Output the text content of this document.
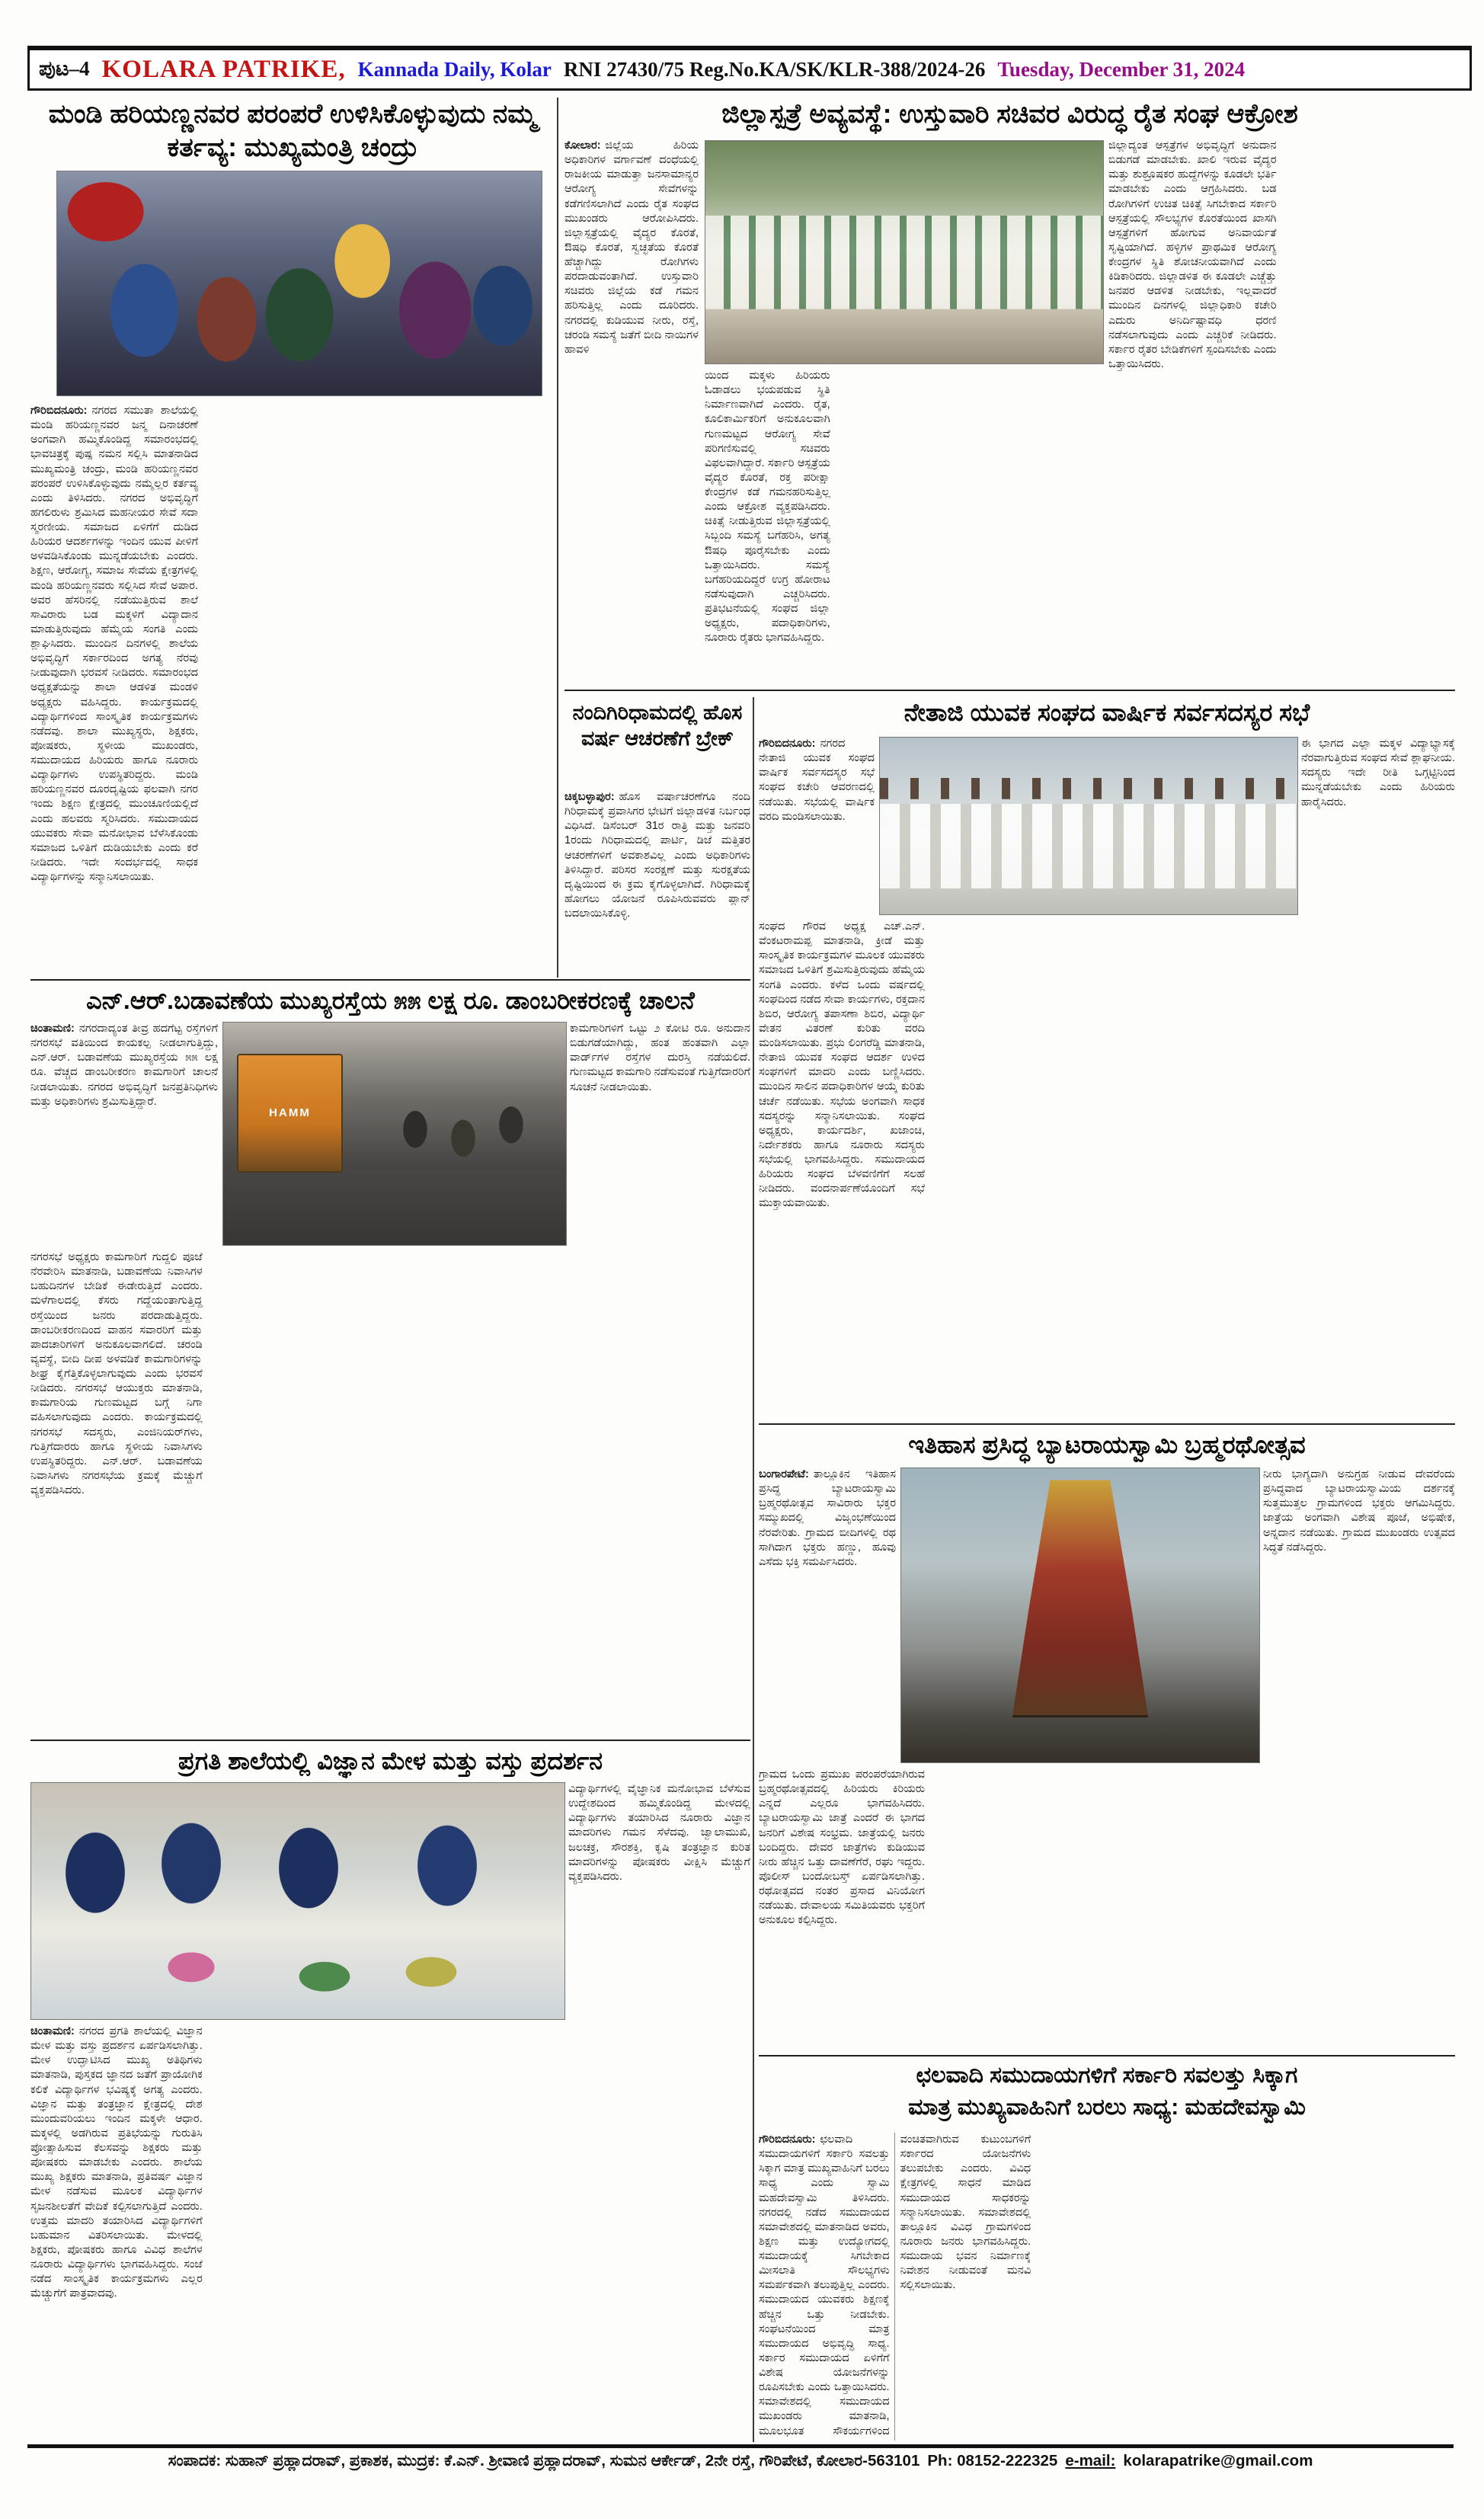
ಪುಟ–4 KOLARA PATRIKE, Kannada Daily, Kolar RNI 27430/75 Reg.No.KA/SK/KLR-388/2024-26 Tuesday, December 31, 2024
ಮಂಡಿ ಹರಿಯಣ್ಣನವರ ಪರಂಪರೆ ಉಳಿಸಿಕೊಳ್ಳುವುದು ನಮ್ಮ ಕರ್ತವ್ಯ: ಮುಖ್ಯಮಂತ್ರಿ ಚಂದ್ರು
ಗೌರಿಬಿದನೂರು: ನಗರದ ಸಮುತಾ ಶಾಲೆಯಲ್ಲಿ ಮಂಡಿ ಹರಿಯಣ್ಣನವರ ಜನ್ಮ ದಿನಾಚರಣೆ ಅಂಗವಾಗಿ ಹಮ್ಮಿಕೊಂಡಿದ್ದ ಸಮಾರಂಭದಲ್ಲಿ ಭಾವಚಿತ್ರಕ್ಕೆ ಪುಷ್ಪ ನಮನ ಸಲ್ಲಿಸಿ ಮಾತನಾಡಿದ ಮುಖ್ಯಮಂತ್ರಿ ಚಂದ್ರು, ಮಂಡಿ ಹರಿಯಣ್ಣನವರ ಪರಂಪರೆ ಉಳಿಸಿಕೊಳ್ಳುವುದು ನಮ್ಮೆಲ್ಲರ ಕರ್ತವ್ಯ ಎಂದು ತಿಳಿಸಿದರು. ನಗರದ ಅಭಿವೃದ್ಧಿಗೆ ಹಗಲಿರುಳು ಶ್ರಮಿಸಿದ ಮಹನೀಯರ ಸೇವೆ ಸದಾ ಸ್ಮರಣೀಯ. ಸಮಾಜದ ಏಳಿಗೆಗೆ ದುಡಿದ ಹಿರಿಯರ ಆದರ್ಶಗಳನ್ನು ಇಂದಿನ ಯುವ ಪೀಳಿಗೆ ಅಳವಡಿಸಿಕೊಂಡು ಮುನ್ನಡೆಯಬೇಕು ಎಂದರು. ಶಿಕ್ಷಣ, ಆರೋಗ್ಯ, ಸಮಾಜ ಸೇವೆಯ ಕ್ಷೇತ್ರಗಳಲ್ಲಿ ಮಂಡಿ ಹರಿಯಣ್ಣನವರು ಸಲ್ಲಿಸಿದ ಸೇವೆ ಅಪಾರ. ಅವರ ಹೆಸರಿನಲ್ಲಿ ನಡೆಯುತ್ತಿರುವ ಶಾಲೆ ಸಾವಿರಾರು ಬಡ ಮಕ್ಕಳಿಗೆ ವಿದ್ಯಾದಾನ ಮಾಡುತ್ತಿರುವುದು ಹೆಮ್ಮೆಯ ಸಂಗತಿ ಎಂದು ಶ್ಲಾಘಿಸಿದರು. ಮುಂದಿನ ದಿನಗಳಲ್ಲಿ ಶಾಲೆಯ ಅಭಿವೃದ್ಧಿಗೆ ಸರ್ಕಾರದಿಂದ ಅಗತ್ಯ ನೆರವು ನೀಡುವುದಾಗಿ ಭರವಸೆ ನೀಡಿದರು. ಸಮಾರಂಭದ ಅಧ್ಯಕ್ಷತೆಯನ್ನು ಶಾಲಾ ಆಡಳಿತ ಮಂಡಳಿ ಅಧ್ಯಕ್ಷರು ವಹಿಸಿದ್ದರು. ಕಾರ್ಯಕ್ರಮದಲ್ಲಿ ವಿದ್ಯಾರ್ಥಿಗಳಿಂದ ಸಾಂಸ್ಕೃತಿಕ ಕಾರ್ಯಕ್ರಮಗಳು ನಡೆದವು. ಶಾಲಾ ಮುಖ್ಯಸ್ಥರು, ಶಿಕ್ಷಕರು, ಪೋಷಕರು, ಸ್ಥಳೀಯ ಮುಖಂಡರು, ಸಮುದಾಯದ ಹಿರಿಯರು ಹಾಗೂ ನೂರಾರು ವಿದ್ಯಾರ್ಥಿಗಳು ಉಪಸ್ಥಿತರಿದ್ದರು. ಮಂಡಿ ಹರಿಯಣ್ಣನವರ ದೂರದೃಷ್ಟಿಯ ಫಲವಾಗಿ ನಗರ ಇಂದು ಶಿಕ್ಷಣ ಕ್ಷೇತ್ರದಲ್ಲಿ ಮುಂಚೂಣಿಯಲ್ಲಿದೆ ಎಂದು ಹಲವರು ಸ್ಮರಿಸಿದರು. ಸಮುದಾಯದ ಯುವಕರು ಸೇವಾ ಮನೋಭಾವ ಬೆಳೆಸಿಕೊಂಡು ಸಮಾಜದ ಒಳಿತಿಗೆ ದುಡಿಯಬೇಕು ಎಂದು ಕರೆ ನೀಡಿದರು. ಇದೇ ಸಂದರ್ಭದಲ್ಲಿ ಸಾಧಕ ವಿದ್ಯಾರ್ಥಿಗಳನ್ನು ಸನ್ಮಾನಿಸಲಾಯಿತು.
ಜಿಲ್ಲಾಸ್ಪತ್ರೆ ಅವ್ಯವಸ್ಥೆ: ಉಸ್ತುವಾರಿ ಸಚಿವರ ವಿರುದ್ಧ ರೈತ ಸಂಘ ಆಕ್ರೋಶ
ಕೋಲಾರ: ಜಿಲ್ಲೆಯ ಹಿರಿಯ ಅಧಿಕಾರಿಗಳ ವರ್ಗಾವಣೆ ದಂಧೆಯಲ್ಲಿ ರಾಜಕೀಯ ಮಾಡುತ್ತಾ ಜನಸಾಮಾನ್ಯರ ಆರೋಗ್ಯ ಸೇವೆಗಳನ್ನು ಕಡೆಗಣಿಸಲಾಗಿದೆ ಎಂದು ರೈತ ಸಂಘದ ಮುಖಂಡರು ಆರೋಪಿಸಿದರು. ಜಿಲ್ಲಾಸ್ಪತ್ರೆಯಲ್ಲಿ ವೈದ್ಯರ ಕೊರತೆ, ಔಷಧಿ ಕೊರತೆ, ಸ್ವಚ್ಛತೆಯ ಕೊರತೆ ಹೆಚ್ಚಾಗಿದ್ದು ರೋಗಿಗಳು ಪರದಾಡುವಂತಾಗಿದೆ. ಉಸ್ತುವಾರಿ ಸಚಿವರು ಜಿಲ್ಲೆಯ ಕಡೆ ಗಮನ ಹರಿಸುತ್ತಿಲ್ಲ ಎಂದು ದೂರಿದರು. ನಗರದಲ್ಲಿ ಕುಡಿಯುವ ನೀರು, ರಸ್ತೆ, ಚರಂಡಿ ಸಮಸ್ಯೆ ಜತೆಗೆ ಬೀದಿ ನಾಯಿಗಳ ಹಾವಳಿ
ಯಿಂದ ಮಕ್ಕಳು ಹಿರಿಯರು ಓಡಾಡಲು ಭಯಪಡುವ ಸ್ಥಿತಿ ನಿರ್ಮಾಣವಾಗಿದೆ ಎಂದರು. ರೈತ, ಕೂಲಿಕಾರ್ಮಿಕರಿಗೆ ಅನುಕೂಲವಾಗಿ ಗುಣಮಟ್ಟದ ಆರೋಗ್ಯ ಸೇವೆ ಪರಿಗಣಿಸುವಲ್ಲಿ ಸಚಿವರು ವಿಫಲವಾಗಿದ್ದಾರೆ. ಸರ್ಕಾರಿ ಆಸ್ಪತ್ರೆಯ ವೈದ್ಯರ ಕೊರತೆ, ರಕ್ತ ಪರೀಕ್ಷಾ ಕೇಂದ್ರಗಳ ಕಡೆ ಗಮನಹರಿಸುತ್ತಿಲ್ಲ ಎಂದು ಆಕ್ರೋಶ ವ್ಯಕ್ತಪಡಿಸಿದರು. ಚಿಕಿತ್ಸೆ ನೀಡುತ್ತಿರುವ ಜಿಲ್ಲಾಸ್ಪತ್ರೆಯಲ್ಲಿ ಸಿಬ್ಬಂದಿ ಸಮಸ್ಯೆ ಬಗೆಹರಿಸಿ, ಅಗತ್ಯ ಔಷಧಿ ಪೂರೈಸಬೇಕು ಎಂದು ಒತ್ತಾಯಿಸಿದರು. ಸಮಸ್ಯೆ ಬಗೆಹರಿಯದಿದ್ದರೆ ಉಗ್ರ ಹೋರಾಟ ನಡೆಸುವುದಾಗಿ ಎಚ್ಚರಿಸಿದರು. ಪ್ರತಿಭಟನೆಯಲ್ಲಿ ಸಂಘದ ಜಿಲ್ಲಾ ಅಧ್ಯಕ್ಷರು, ಪದಾಧಿಕಾರಿಗಳು, ನೂರಾರು ರೈತರು ಭಾಗವಹಿಸಿದ್ದರು.
ಜಿಲ್ಲಾದ್ಯಂತ ಆಸ್ಪತ್ರೆಗಳ ಅಭಿವೃದ್ಧಿಗೆ ಅನುದಾನ ಬಿಡುಗಡೆ ಮಾಡಬೇಕು. ಖಾಲಿ ಇರುವ ವೈದ್ಯರ ಮತ್ತು ಶುಶ್ರೂಷಕರ ಹುದ್ದೆಗಳನ್ನು ಕೂಡಲೇ ಭರ್ತಿ ಮಾಡಬೇಕು ಎಂದು ಆಗ್ರಹಿಸಿದರು. ಬಡ ರೋಗಿಗಳಿಗೆ ಉಚಿತ ಚಿಕಿತ್ಸೆ ಸಿಗಬೇಕಾದ ಸರ್ಕಾರಿ ಆಸ್ಪತ್ರೆಯಲ್ಲಿ ಸೌಲಭ್ಯಗಳ ಕೊರತೆಯಿಂದ ಖಾಸಗಿ ಆಸ್ಪತ್ರೆಗಳಿಗೆ ಹೋಗುವ ಅನಿವಾರ್ಯತೆ ಸೃಷ್ಟಿಯಾಗಿದೆ. ಹಳ್ಳಿಗಳ ಪ್ರಾಥಮಿಕ ಆರೋಗ್ಯ ಕೇಂದ್ರಗಳ ಸ್ಥಿತಿ ಶೋಚನೀಯವಾಗಿದೆ ಎಂದು ಕಿಡಿಕಾರಿದರು. ಜಿಲ್ಲಾಡಳಿತ ಈ ಕೂಡಲೇ ಎಚ್ಚೆತ್ತು ಜನಪರ ಆಡಳಿತ ನೀಡಬೇಕು, ಇಲ್ಲವಾದರೆ ಮುಂದಿನ ದಿನಗಳಲ್ಲಿ ಜಿಲ್ಲಾಧಿಕಾರಿ ಕಚೇರಿ ಎದುರು ಅನಿರ್ದಿಷ್ಟಾವಧಿ ಧರಣಿ ನಡೆಸಲಾಗುವುದು ಎಂದು ಎಚ್ಚರಿಕೆ ನೀಡಿದರು. ಸರ್ಕಾರ ರೈತರ ಬೇಡಿಕೆಗಳಿಗೆ ಸ್ಪಂದಿಸಬೇಕು ಎಂದು ಒತ್ತಾಯಿಸಿದರು.
ನಂದಿಗಿರಿಧಾಮದಲ್ಲಿ ಹೊಸ ವರ್ಷ ಆಚರಣೆಗೆ ಬ್ರೇಕ್
ಚಿಕ್ಕಬಳ್ಳಾಪುರ: ಹೊಸ ವರ್ಷಾಚರಣೆಗೂ ನಂದಿ ಗಿರಿಧಾಮಕ್ಕೆ ಪ್ರವಾಸಿಗರ ಭೇಟಿಗೆ ಜಿಲ್ಲಾಡಳಿತ ನಿರ್ಬಂಧ ವಿಧಿಸಿದೆ. ಡಿಸೆಂಬರ್ 31ರ ರಾತ್ರಿ ಮತ್ತು ಜನವರಿ 1ರಂದು ಗಿರಿಧಾಮದಲ್ಲಿ ಪಾರ್ಟಿ, ಡಿಜೆ ಮತ್ತಿತರ ಆಚರಣೆಗಳಿಗೆ ಅವಕಾಶವಿಲ್ಲ ಎಂದು ಅಧಿಕಾರಿಗಳು ತಿಳಿಸಿದ್ದಾರೆ. ಪರಿಸರ ಸಂರಕ್ಷಣೆ ಮತ್ತು ಸುರಕ್ಷತೆಯ ದೃಷ್ಟಿಯಿಂದ ಈ ಕ್ರಮ ಕೈಗೊಳ್ಳಲಾಗಿದೆ. ಗಿರಿಧಾಮಕ್ಕೆ ಹೋಗಲು ಯೋಜನೆ ರೂಪಿಸಿರುವವರು ಪ್ಲಾನ್ ಬದಲಾಯಿಸಿಕೊಳ್ಳಿ.
ನೇತಾಜಿ ಯುವಕ ಸಂಘದ ವಾರ್ಷಿಕ ಸರ್ವಸದಸ್ಯರ ಸಭೆ
ಗೌರಿಬಿದನೂರು: ನಗರದ ನೇತಾಜಿ ಯುವಕ ಸಂಘದ ವಾರ್ಷಿಕ ಸರ್ವಸದಸ್ಯರ ಸಭೆ ಸಂಘದ ಕಚೇರಿ ಆವರಣದಲ್ಲಿ ನಡೆಯಿತು. ಸಭೆಯಲ್ಲಿ ವಾರ್ಷಿಕ ವರದಿ ಮಂಡಿಸಲಾಯಿತು.
ಈ ಭಾಗದ ಎಲ್ಲಾ ಮಕ್ಕಳ ವಿದ್ಯಾಭ್ಯಾಸಕ್ಕೆ ನೆರವಾಗುತ್ತಿರುವ ಸಂಘದ ಸೇವೆ ಶ್ಲಾಘನೀಯ. ಸದಸ್ಯರು ಇದೇ ರೀತಿ ಒಗ್ಗಟ್ಟಿನಿಂದ ಮುನ್ನಡೆಯಬೇಕು ಎಂದು ಹಿರಿಯರು ಹಾರೈಸಿದರು.
ಸಂಘದ ಗೌರವ ಅಧ್ಯಕ್ಷ ಎಚ್.ಎನ್. ವೆಂಕಟರಾಮಪ್ಪ ಮಾತನಾಡಿ, ಕ್ರೀಡೆ ಮತ್ತು ಸಾಂಸ್ಕೃತಿಕ ಕಾರ್ಯಕ್ರಮಗಳ ಮೂಲಕ ಯುವಕರು ಸಮಾಜದ ಒಳಿತಿಗೆ ಶ್ರಮಿಸುತ್ತಿರುವುದು ಹೆಮ್ಮೆಯ ಸಂಗತಿ ಎಂದರು. ಕಳೆದ ಒಂದು ವರ್ಷದಲ್ಲಿ ಸಂಘದಿಂದ ನಡೆದ ಸೇವಾ ಕಾರ್ಯಗಳು, ರಕ್ತದಾನ ಶಿಬಿರ, ಆರೋಗ್ಯ ತಪಾಸಣಾ ಶಿಬಿರ, ವಿದ್ಯಾರ್ಥಿ ವೇತನ ವಿತರಣೆ ಕುರಿತು ವರದಿ ಮಂಡಿಸಲಾಯಿತು. ಪ್ರಭು ಲಿಂಗರೆಡ್ಡಿ ಮಾತನಾಡಿ, ನೇತಾಜಿ ಯುವಕ ಸಂಘದ ಆದರ್ಶ ಉಳಿದ ಸಂಘಗಳಿಗೆ ಮಾದರಿ ಎಂದು ಬಣ್ಣಿಸಿದರು. ಮುಂದಿನ ಸಾಲಿನ ಪದಾಧಿಕಾರಿಗಳ ಆಯ್ಕೆ ಕುರಿತು ಚರ್ಚೆ ನಡೆಯಿತು. ಸಭೆಯ ಅಂಗವಾಗಿ ಸಾಧಕ ಸದಸ್ಯರನ್ನು ಸನ್ಮಾನಿಸಲಾಯಿತು. ಸಂಘದ ಅಧ್ಯಕ್ಷರು, ಕಾರ್ಯದರ್ಶಿ, ಖಜಾಂಚಿ, ನಿರ್ದೇಶಕರು ಹಾಗೂ ನೂರಾರು ಸದಸ್ಯರು ಸಭೆಯಲ್ಲಿ ಭಾಗವಹಿಸಿದ್ದರು. ಸಮುದಾಯದ ಹಿರಿಯರು ಸಂಘದ ಬೆಳವಣಿಗೆಗೆ ಸಲಹೆ ನೀಡಿದರು. ವಂದನಾರ್ಪಣೆಯೊಂದಿಗೆ ಸಭೆ ಮುಕ್ತಾಯವಾಯಿತು.
ಎನ್.ಆರ್.ಬಡಾವಣೆಯ ಮುಖ್ಯರಸ್ತೆಯ ೫೫ ಲಕ್ಷ ರೂ. ಡಾಂಬರೀಕರಣಕ್ಕೆ ಚಾಲನೆ
ಚಿಂತಾಮಣಿ: ನಗರದಾದ್ಯಂತ ತೀವ್ರ ಹದಗೆಟ್ಟ ರಸ್ತೆಗಳಿಗೆ ನಗರಸಭೆ ವತಿಯಿಂದ ಕಾಯಕಲ್ಪ ನೀಡಲಾಗುತ್ತಿದ್ದು, ಎನ್.ಆರ್. ಬಡಾವಣೆಯ ಮುಖ್ಯರಸ್ತೆಯ ೫೫ ಲಕ್ಷ ರೂ. ವೆಚ್ಚದ ಡಾಂಬರೀಕರಣ ಕಾಮಗಾರಿಗೆ ಚಾಲನೆ ನೀಡಲಾಯಿತು. ನಗರದ ಅಭಿವೃದ್ಧಿಗೆ ಜನಪ್ರತಿನಿಧಿಗಳು ಮತ್ತು ಅಧಿಕಾರಿಗಳು ಶ್ರಮಿಸುತ್ತಿದ್ದಾರೆ.
HAMM
ಕಾಮಗಾರಿಗಳಿಗೆ ಒಟ್ಟು ೨ ಕೋಟಿ ರೂ. ಅನುದಾನ ಬಿಡುಗಡೆಯಾಗಿದ್ದು, ಹಂತ ಹಂತವಾಗಿ ಎಲ್ಲಾ ವಾರ್ಡ್‌ಗಳ ರಸ್ತೆಗಳ ದುರಸ್ತಿ ನಡೆಯಲಿದೆ. ಗುಣಮಟ್ಟದ ಕಾಮಗಾರಿ ನಡೆಸುವಂತೆ ಗುತ್ತಿಗೆದಾರರಿಗೆ ಸೂಚನೆ ನೀಡಲಾಯಿತು.
ನಗರಸಭೆ ಅಧ್ಯಕ್ಷರು ಕಾಮಗಾರಿಗೆ ಗುದ್ದಲಿ ಪೂಜೆ ನೆರವೇರಿಸಿ ಮಾತನಾಡಿ, ಬಡಾವಣೆಯ ನಿವಾಸಿಗಳ ಬಹುದಿನಗಳ ಬೇಡಿಕೆ ಈಡೇರುತ್ತಿದೆ ಎಂದರು. ಮಳೆಗಾಲದಲ್ಲಿ ಕೆಸರು ಗದ್ದೆಯಂತಾಗುತ್ತಿದ್ದ ರಸ್ತೆಯಿಂದ ಜನರು ಪರದಾಡುತ್ತಿದ್ದರು. ಡಾಂಬರೀಕರಣದಿಂದ ವಾಹನ ಸವಾರರಿಗೆ ಮತ್ತು ಪಾದಚಾರಿಗಳಿಗೆ ಅನುಕೂಲವಾಗಲಿದೆ. ಚರಂಡಿ ವ್ಯವಸ್ಥೆ, ಬೀದಿ ದೀಪ ಅಳವಡಿಕೆ ಕಾಮಗಾರಿಗಳನ್ನು ಶೀಘ್ರ ಕೈಗೆತ್ತಿಕೊಳ್ಳಲಾಗುವುದು ಎಂದು ಭರವಸೆ ನೀಡಿದರು. ನಗರಸಭೆ ಆಯುಕ್ತರು ಮಾತನಾಡಿ, ಕಾಮಗಾರಿಯ ಗುಣಮಟ್ಟದ ಬಗ್ಗೆ ನಿಗಾ ವಹಿಸಲಾಗುವುದು ಎಂದರು. ಕಾರ್ಯಕ್ರಮದಲ್ಲಿ ನಗರಸಭೆ ಸದಸ್ಯರು, ಎಂಜಿನಿಯರ್‌ಗಳು, ಗುತ್ತಿಗೆದಾರರು ಹಾಗೂ ಸ್ಥಳೀಯ ನಿವಾಸಿಗಳು ಉಪಸ್ಥಿತರಿದ್ದರು. ಎನ್.ಆರ್. ಬಡಾವಣೆಯ ನಿವಾಸಿಗಳು ನಗರಸಭೆಯ ಕ್ರಮಕ್ಕೆ ಮೆಚ್ಚುಗೆ ವ್ಯಕ್ತಪಡಿಸಿದರು.
ಇತಿಹಾಸ ಪ್ರಸಿದ್ಧ ಬ್ಯಾಟರಾಯಸ್ವಾಮಿ ಬ್ರಹ್ಮರಥೋತ್ಸವ
ಬಂಗಾರಪೇಟೆ: ತಾಲ್ಲೂಕಿನ ಇತಿಹಾಸ ಪ್ರಸಿದ್ಧ ಬ್ಯಾಟರಾಯಸ್ವಾಮಿ ಬ್ರಹ್ಮರಥೋತ್ಸವ ಸಾವಿರಾರು ಭಕ್ತರ ಸಮ್ಮುಖದಲ್ಲಿ ವಿಜೃಂಭಣೆಯಿಂದ ನೆರವೇರಿತು. ಗ್ರಾಮದ ಬೀದಿಗಳಲ್ಲಿ ರಥ ಸಾಗಿದಾಗ ಭಕ್ತರು ಹಣ್ಣು, ಹೂವು ಎಸೆದು ಭಕ್ತಿ ಸಮರ್ಪಿಸಿದರು.
ನೀರು ಭಾಗ್ಯದಾಗಿ ಅನುಗ್ರಹ ನೀಡುವ ದೇವರೆಂದು ಪ್ರಸಿದ್ಧವಾದ ಬ್ಯಾಟರಾಯಸ್ವಾಮಿಯ ದರ್ಶನಕ್ಕೆ ಸುತ್ತಮುತ್ತಲ ಗ್ರಾಮಗಳಿಂದ ಭಕ್ತರು ಆಗಮಿಸಿದ್ದರು. ಜಾತ್ರೆಯ ಅಂಗವಾಗಿ ವಿಶೇಷ ಪೂಜೆ, ಅಭಿಷೇಕ, ಅನ್ನದಾನ ನಡೆಯಿತು. ಗ್ರಾಮದ ಮುಖಂಡರು ಉತ್ಸವದ ಸಿದ್ಧತೆ ನಡೆಸಿದ್ದರು.
ಗ್ರಾಮದ ಒಂದು ಪ್ರಮುಖ ಪರಂಪರೆಯಾಗಿರುವ ಬ್ರಹ್ಮರಥೋತ್ಸವದಲ್ಲಿ ಹಿರಿಯರು ಕಿರಿಯರು ಎನ್ನದೆ ಎಲ್ಲರೂ ಭಾಗವಹಿಸಿದರು. ಬ್ಯಾಟರಾಯಸ್ವಾಮಿ ಜಾತ್ರೆ ಎಂದರೆ ಈ ಭಾಗದ ಜನರಿಗೆ ವಿಶೇಷ ಸಂಭ್ರಮ. ಜಾತ್ರೆಯಲ್ಲಿ ಜನರು ಬಂದಿದ್ದರು. ದೇವರ ಜಾತ್ರೆಗಳು ಕುಡಿಯುವ ನೀರು ಹೆಚ್ಚಿನ ಒತ್ತು ದಾವಣೆಗೆರೆ, ರಘು ಇದ್ದರು. ಪೊಲೀಸ್ ಬಂದೋಬಸ್ತ್ ಏರ್ಪಡಿಸಲಾಗಿತ್ತು. ರಥೋತ್ಸವದ ನಂತರ ಪ್ರಸಾದ ವಿನಿಯೋಗ ನಡೆಯಿತು. ದೇವಾಲಯ ಸಮಿತಿಯವರು ಭಕ್ತರಿಗೆ ಅನುಕೂಲ ಕಲ್ಪಿಸಿದ್ದರು.
ಪ್ರಗತಿ ಶಾಲೆಯಲ್ಲಿ ವಿಜ್ಞಾನ ಮೇಳ ಮತ್ತು ವಸ್ತು ಪ್ರದರ್ಶನ
ವಿದ್ಯಾರ್ಥಿಗಳಲ್ಲಿ ವೈಜ್ಞಾನಿಕ ಮನೋಭಾವ ಬೆಳೆಸುವ ಉದ್ದೇಶದಿಂದ ಹಮ್ಮಿಕೊಂಡಿದ್ದ ಮೇಳದಲ್ಲಿ ವಿದ್ಯಾರ್ಥಿಗಳು ತಯಾರಿಸಿದ ನೂರಾರು ವಿಜ್ಞಾನ ಮಾದರಿಗಳು ಗಮನ ಸೆಳೆದವು. ಜ್ವಾಲಾಮುಖಿ, ಜಲಚಕ್ರ, ಸೌರಶಕ್ತಿ, ಕೃಷಿ ತಂತ್ರಜ್ಞಾನ ಕುರಿತ ಮಾದರಿಗಳನ್ನು ಪೋಷಕರು ವೀಕ್ಷಿಸಿ ಮೆಚ್ಚುಗೆ ವ್ಯಕ್ತಪಡಿಸಿದರು.
ಚಿಂತಾಮಣಿ: ನಗರದ ಪ್ರಗತಿ ಶಾಲೆಯಲ್ಲಿ ವಿಜ್ಞಾನ ಮೇಳ ಮತ್ತು ವಸ್ತು ಪ್ರದರ್ಶನ ಏರ್ಪಡಿಸಲಾಗಿತ್ತು. ಮೇಳ ಉದ್ಘಾಟಿಸಿದ ಮುಖ್ಯ ಅತಿಥಿಗಳು ಮಾತನಾಡಿ, ಪುಸ್ತಕದ ಜ್ಞಾನದ ಜತೆಗೆ ಪ್ರಾಯೋಗಿಕ ಕಲಿಕೆ ವಿದ್ಯಾರ್ಥಿಗಳ ಭವಿಷ್ಯಕ್ಕೆ ಅಗತ್ಯ ಎಂದರು. ವಿಜ್ಞಾನ ಮತ್ತು ತಂತ್ರಜ್ಞಾನ ಕ್ಷೇತ್ರದಲ್ಲಿ ದೇಶ ಮುಂದುವರಿಯಲು ಇಂದಿನ ಮಕ್ಕಳೇ ಆಧಾರ. ಮಕ್ಕಳಲ್ಲಿ ಅಡಗಿರುವ ಪ್ರತಿಭೆಯನ್ನು ಗುರುತಿಸಿ ಪ್ರೋತ್ಸಾಹಿಸುವ ಕೆಲಸವನ್ನು ಶಿಕ್ಷಕರು ಮತ್ತು ಪೋಷಕರು ಮಾಡಬೇಕು ಎಂದರು. ಶಾಲೆಯ ಮುಖ್ಯ ಶಿಕ್ಷಕರು ಮಾತನಾಡಿ, ಪ್ರತಿವರ್ಷ ವಿಜ್ಞಾನ ಮೇಳ ನಡೆಸುವ ಮೂಲಕ ವಿದ್ಯಾರ್ಥಿಗಳ ಸೃಜನಶೀಲತೆಗೆ ವೇದಿಕೆ ಕಲ್ಪಿಸಲಾಗುತ್ತಿದೆ ಎಂದರು. ಉತ್ತಮ ಮಾದರಿ ತಯಾರಿಸಿದ ವಿದ್ಯಾರ್ಥಿಗಳಿಗೆ ಬಹುಮಾನ ವಿತರಿಸಲಾಯಿತು. ಮೇಳದಲ್ಲಿ ಶಿಕ್ಷಕರು, ಪೋಷಕರು ಹಾಗೂ ವಿವಿಧ ಶಾಲೆಗಳ ನೂರಾರು ವಿದ್ಯಾರ್ಥಿಗಳು ಭಾಗವಹಿಸಿದ್ದರು. ಸಂಜೆ ನಡೆದ ಸಾಂಸ್ಕೃತಿಕ ಕಾರ್ಯಕ್ರಮಗಳು ಎಲ್ಲರ ಮೆಚ್ಚುಗೆಗೆ ಪಾತ್ರವಾದವು.
ಛಲವಾದಿ ಸಮುದಾಯಗಳಿಗೆ ಸರ್ಕಾರಿ ಸವಲತ್ತು ಸಿಕ್ಕಾಗ
ಮಾತ್ರ ಮುಖ್ಯವಾಹಿನಿಗೆ ಬರಲು ಸಾಧ್ಯ: ಮಹದೇವಸ್ವಾಮಿ
ಗೌರಿಬಿದನೂರು: ಛಲವಾದಿ ಸಮುದಾಯಗಳಿಗೆ ಸರ್ಕಾರಿ ಸವಲತ್ತು ಸಿಕ್ಕಾಗ ಮಾತ್ರ ಮುಖ್ಯವಾಹಿನಿಗೆ ಬರಲು ಸಾಧ್ಯ ಎಂದು ಸ್ವಾಮಿ ಮಹದೇವಸ್ವಾಮಿ ತಿಳಿಸಿದರು. ನಗರದಲ್ಲಿ ನಡೆದ ಸಮುದಾಯದ ಸಮಾವೇಶದಲ್ಲಿ ಮಾತನಾಡಿದ ಅವರು, ಶಿಕ್ಷಣ ಮತ್ತು ಉದ್ಯೋಗದಲ್ಲಿ ಸಮುದಾಯಕ್ಕೆ ಸಿಗಬೇಕಾದ ಮೀಸಲಾತಿ ಸೌಲಭ್ಯಗಳು ಸಮರ್ಪಕವಾಗಿ ತಲುಪುತ್ತಿಲ್ಲ ಎಂದರು. ಸಮುದಾಯದ ಯುವಕರು ಶಿಕ್ಷಣಕ್ಕೆ ಹೆಚ್ಚಿನ ಒತ್ತು ನೀಡಬೇಕು. ಸಂಘಟನೆಯಿಂದ ಮಾತ್ರ ಸಮುದಾಯದ ಅಭಿವೃದ್ಧಿ ಸಾಧ್ಯ. ಸರ್ಕಾರ ಸಮುದಾಯದ ಏಳಿಗೆಗೆ ವಿಶೇಷ ಯೋಜನೆಗಳನ್ನು ರೂಪಿಸಬೇಕು ಎಂದು ಒತ್ತಾಯಿಸಿದರು. ಸಮಾವೇಶದಲ್ಲಿ ಸಮುದಾಯದ ಮುಖಂಡರು ಮಾತನಾಡಿ, ಮೂಲಭೂತ ಸೌಕರ್ಯಗಳಿಂದ ವಂಚಿತವಾಗಿರುವ ಕುಟುಂಬಗಳಿಗೆ ಸರ್ಕಾರದ ಯೋಜನೆಗಳು ತಲುಪಬೇಕು ಎಂದರು. ವಿವಿಧ ಕ್ಷೇತ್ರಗಳಲ್ಲಿ ಸಾಧನೆ ಮಾಡಿದ ಸಮುದಾಯದ ಸಾಧಕರನ್ನು ಸನ್ಮಾನಿಸಲಾಯಿತು. ಸಮಾವೇಶದಲ್ಲಿ ತಾಲ್ಲೂಕಿನ ವಿವಿಧ ಗ್ರಾಮಗಳಿಂದ ನೂರಾರು ಜನರು ಭಾಗವಹಿಸಿದ್ದರು. ಸಮುದಾಯ ಭವನ ನಿರ್ಮಾಣಕ್ಕೆ ನಿವೇಶನ ನೀಡುವಂತೆ ಮನವಿ ಸಲ್ಲಿಸಲಾಯಿತು.
ಸಂಪಾದಕ: ಸುಹಾನ್ ಪ್ರಹ್ಲಾದರಾವ್, ಪ್ರಕಾಶಕ, ಮುದ್ರಕ: ಕೆ.ಎನ್. ಶ್ರೀವಾಣಿ ಪ್ರಹ್ಲಾದರಾವ್, ಸುಮನ ಆರ್ಕೇಡ್, 2ನೇ ರಸ್ತೆ, ಗೌರಿಪೇಟೆ, ಕೋಲಾರ-563101 Ph: 08152-222325 e-mail: kolarapatrike@gmail.com
